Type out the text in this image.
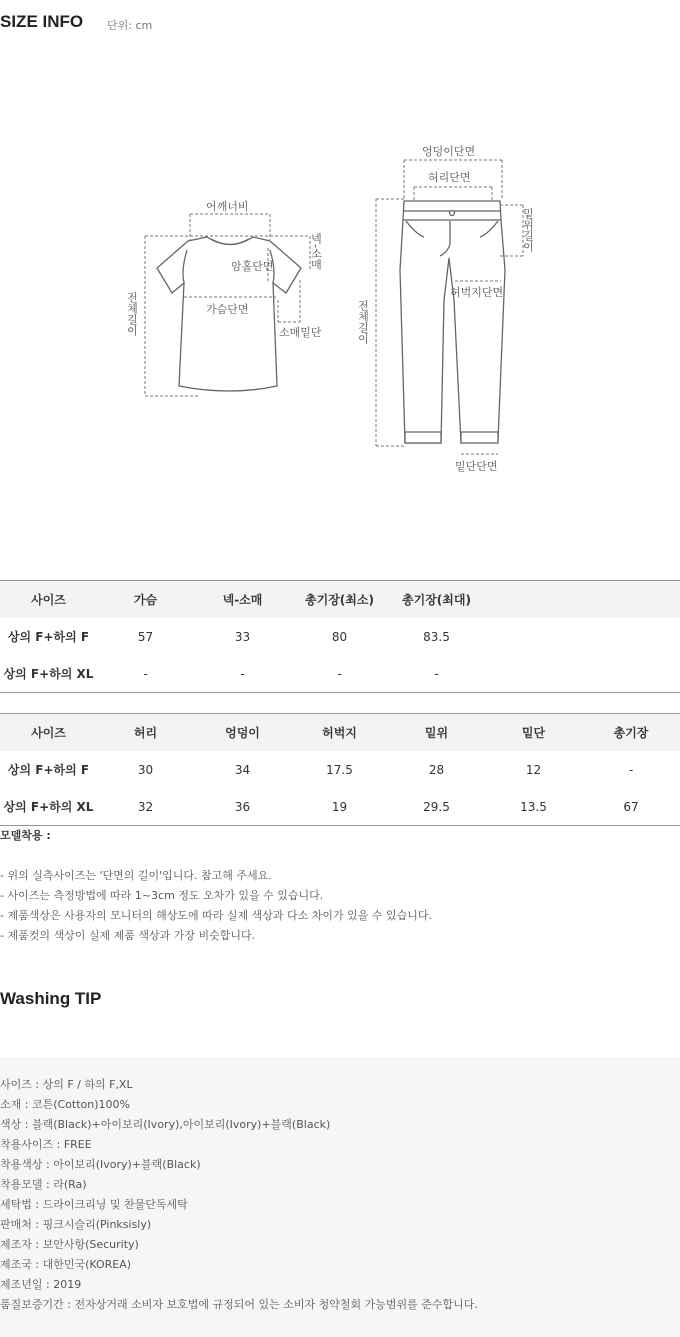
SIZE INFO 단위: cm
어깨너비
암홀단면
가슴단면
소매밑단
넥-소매
전체길이
엉덩이단면
허리단면
밑위길이
허벅지단면
전체길이
밑단단면
사이즈	가슴	넥-소매	총기장(최소)	총기장(최대)		
상의 F+하의 F	57	33	80	83.5		
상의 F+하의 XL	-	-	-	-		
사이즈	허리	엉덩이	허벅지	밑위	밑단	총기장
상의 F+하의 F	30	34	17.5	28	12	-
상의 F+하의 XL	32	36	19	29.5	13.5	67
모델착용 :
- 위의 실측사이즈는 '단면의 길이'입니다. 참고해 주세요.
- 사이즈는 측정방법에 따라 1~3cm 정도 오차가 있을 수 있습니다.
- 제품색상은 사용자의 모니터의 해상도에 따라 실제 색상과 다소 차이가 있을 수 있습니다.
- 제품컷의 색상이 실제 제품 색상과 가장 비슷합니다.
Washing TIP
사이즈 : 상의 F / 하의 F,XL
소재 : 코튼(Cotton)100%
색상 : 블랙(Black)+아이보리(Ivory),아이보리(Ivory)+블랙(Black)
착용사이즈 : FREE
착용색상 : 아이보리(Ivory)+블랙(Black)
착용모델 : 라(Ra)
세탁법 : 드라이크리닝 및 찬물단독세탁
판매처 : 핑크시슬리(Pinksisly)
제조자 : 보안사항(Security)
제조국 : 대한민국(KOREA)
제조년일 : 2019
품질보증기간 : 전자상거래 소비자 보호법에 규정되어 있는 소비자 청약철회 가능범위를 준수합니다.
